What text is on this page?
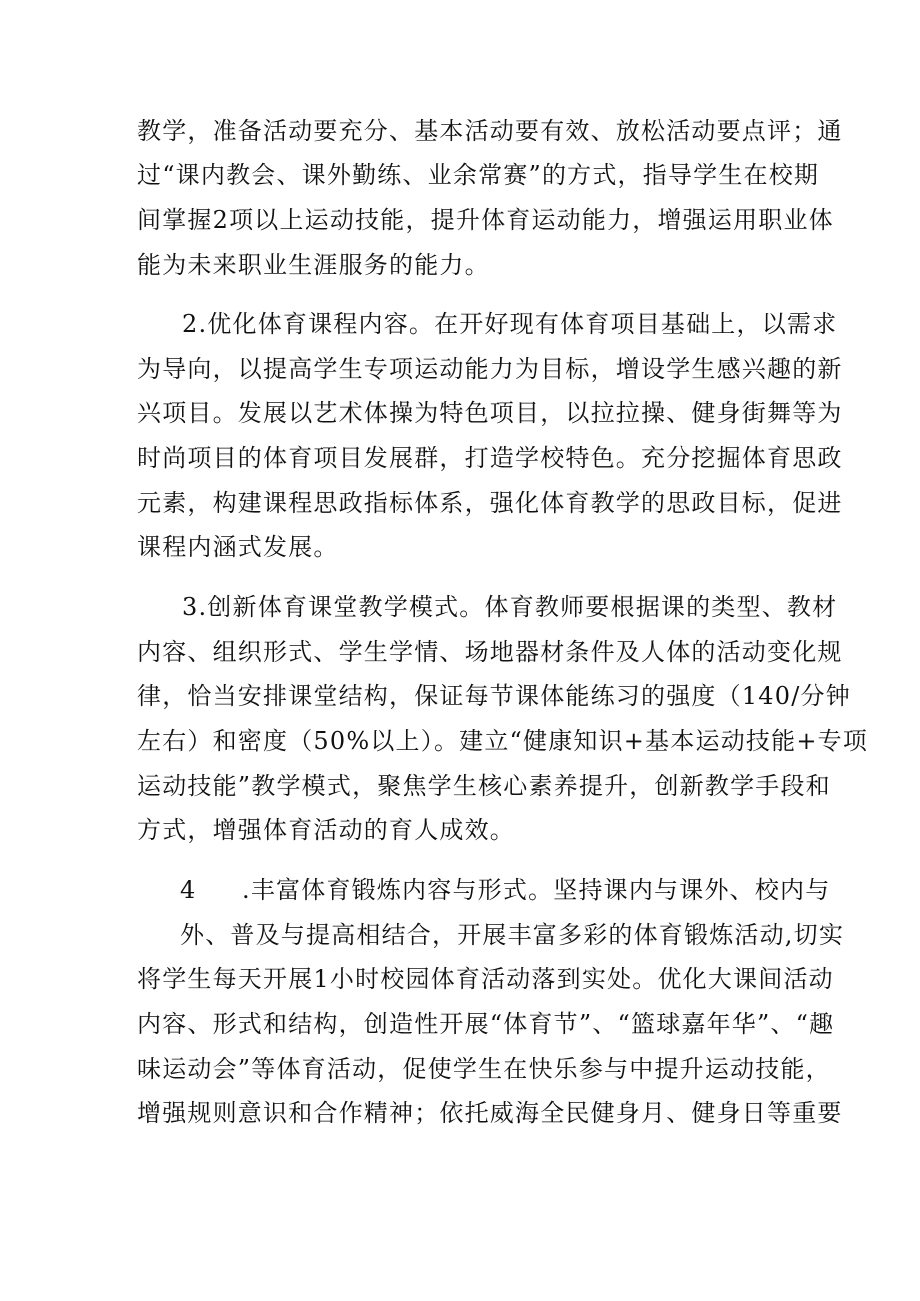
教学，准备活动要充分、基本活动要有效、放松活动要点评；通
过“课内教会、课外勤练、业余常赛”的方式，指导学生在校期
间掌握2项以上运动技能，提升体育运动能力，增强运用职业体
能为未来职业生涯服务的能力。
2.优化体育课程内容。在开好现有体育项目基础上，以需求
为导向，以提高学生专项运动能力为目标，增设学生感兴趣的新
兴项目。发展以艺术体操为特色项目，以拉拉操、健身街舞等为
时尚项目的体育项目发展群，打造学校特色。充分挖掘体育思政
元素，构建课程思政指标体系，强化体育教学的思政目标，促进
课程内涵式发展。
3.创新体育课堂教学模式。体育教师要根据课的类型、教材
内容、组织形式、学生学情、场地器材条件及人体的活动变化规
律，恰当安排课堂结构，保证每节课体能练习的强度（140/分钟
左右）和密度（50%以上）。建立“健康知识+基本运动技能+专项
运动技能”教学模式，聚焦学生核心素养提升，创新教学手段和
方式，增强体育活动的育人成效。
4 .丰富体育锻炼内容与形式。坚持课内与课外、校内与
外、普及与提高相结合，开展丰富多彩的体育锻炼活动,切实
将学生每天开展1小时校园体育活动落到实处。优化大课间活动
内容、形式和结构，创造性开展“体育节”、“篮球嘉年华”、“趣
味运动会”等体育活动，促使学生在快乐参与中提升运动技能，
增强规则意识和合作精神；依托威海全民健身月、健身日等重要
